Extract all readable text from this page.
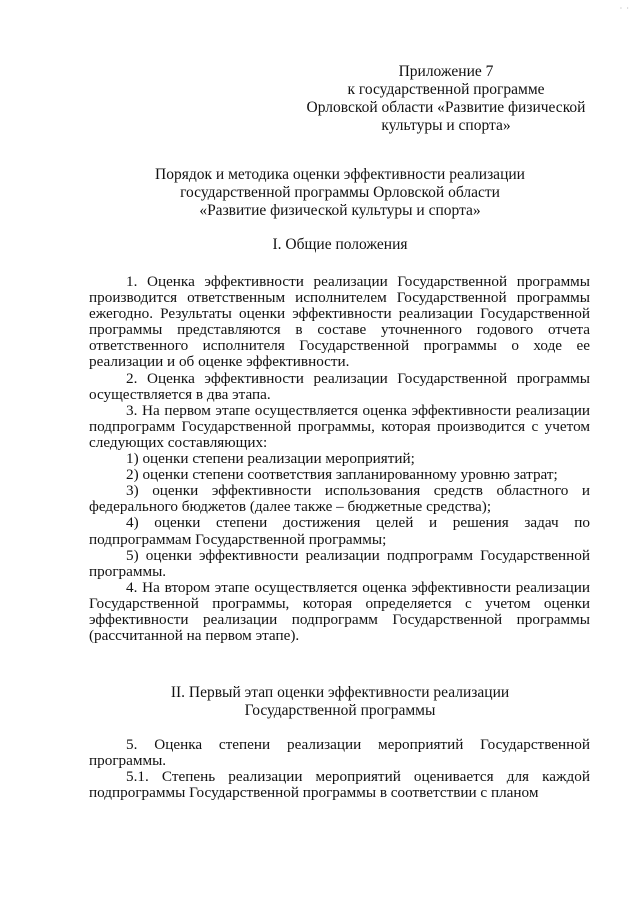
· ·
Приложение 7
к государственной программе
Орловской области «Развитие физической
культуры и спорта»
Порядок и методика оценки эффективности реализации
государственной программы Орловской области
«Развитие физической культуры и спорта»
I. Общие положения

1. Оценка эффективности реализации Государственной программы производится ответственным исполнителем Государственной программы ежегодно. Результаты оценки эффективности реализации Государственной программы представляются в составе уточненного годового отчета ответственного исполнителя Государственной программы о ходе ее реализации и об оценке эффективности.

2. Оценка эффективности реализации Государственной программы осуществляется в два этапа.

3. На первом этапе осуществляется оценка эффективности реализации подпрограмм Государственной программы, которая производится с учетом следующих составляющих:

1) оценки степени реализации мероприятий;

2) оценки степени соответствия запланированному уровню затрат;

3) оценки эффективности использования средств областного и федерального бюджетов (далее также – бюджетные средства);

4) оценки степени достижения целей и решения задач по подпрограммам Государственной программы;

5) оценки эффективности реализации подпрограмм Государственной программы.

4. На втором этапе осуществляется оценка эффективности реализации Государственной программы, которая определяется с учетом оценки эффективности реализации подпрограмм Государственной программы (рассчитанной на первом этапе).

II. Первый этап оценки эффективности реализации
Государственной программы

5. Оценка степени реализации мероприятий Государственной программы.

5.1. Степень реализации мероприятий оценивается для каждой подпрограммы Государственной программы в соответствии с планом
